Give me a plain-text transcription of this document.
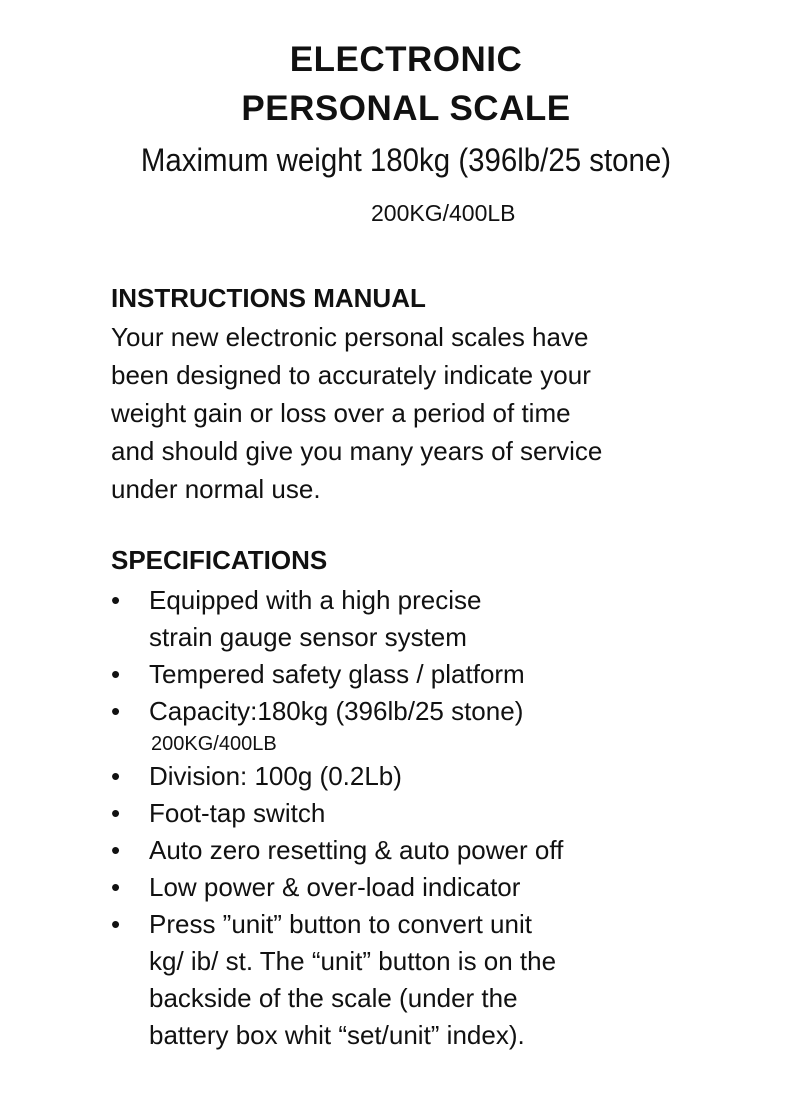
ELECTRONIC
PERSONAL SCALE
Maximum weight 180kg (396lb/25 stone)
200KG/400LB
INSTRUCTIONS MANUAL

Your new electronic personal scales have
been designed to accurately indicate your
weight gain or loss over a period of time
and should give you many years of service
under normal use.

SPECIFICATIONS
•	Equipped with a high precise
strain gauge sensor system
•	Tempered safety glass / platform
•	Capacity:180kg (396lb/25 stone)
200KG/400LB
•	Division: 100g (0.2Lb)
•	Foot-tap switch
•	Auto zero resetting & auto power off
•	Low power & over-load indicator
•	Press ”unit” button to convert unit
kg/ ib/ st. The “unit” button is on the
backside of the scale (under the
battery box whit “set/unit” index).
